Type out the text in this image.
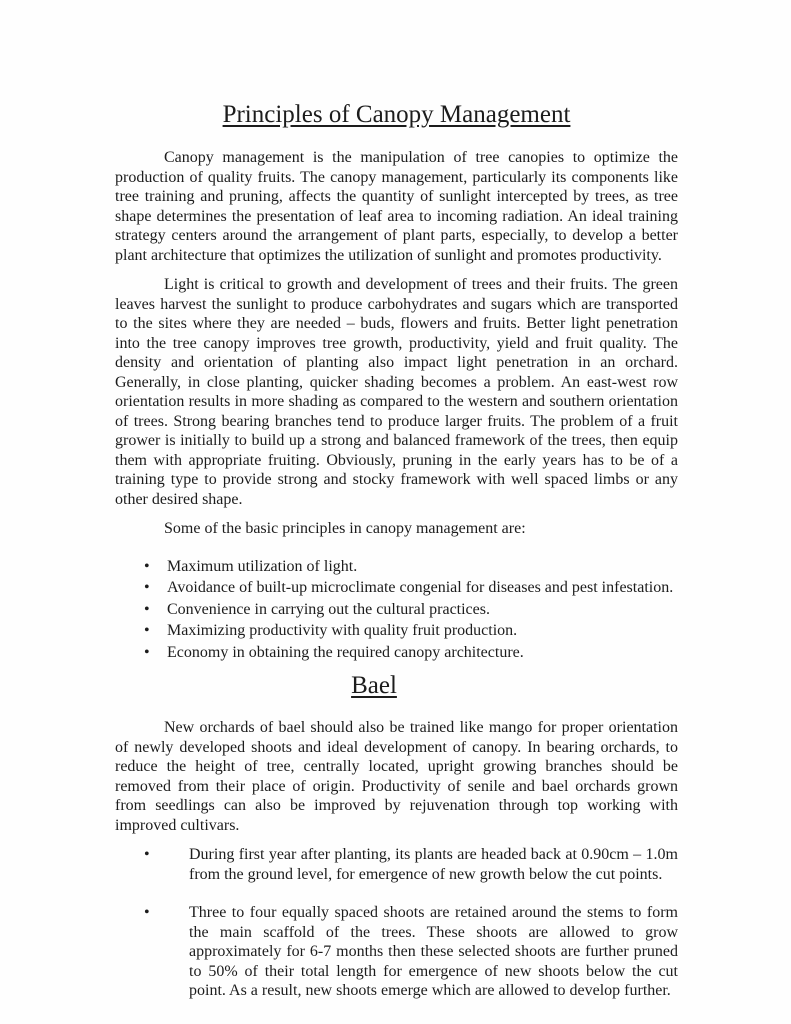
Principles of Canopy Management

Canopy management is the manipulation of tree canopies to optimize the production of quality fruits. The canopy management, particularly its components like tree training and pruning, affects the quantity of sunlight intercepted by trees, as tree shape determines the presentation of leaf area to incoming radiation. An ideal training strategy centers around the arrangement of plant parts, especially, to develop a better plant architecture that optimizes the utilization of sunlight and promotes productivity.

Light is critical to growth and development of trees and their fruits. The green leaves harvest the sunlight to produce carbohydrates and sugars which are transported to the sites where they are needed – buds, flowers and fruits. Better light penetration into the tree canopy improves tree growth, productivity, yield and fruit quality. The density and orientation of planting also impact light penetration in an orchard. Generally, in close planting, quicker shading becomes a problem. An east-west row orientation results in more shading as compared to the western and southern orientation of trees. Strong bearing branches tend to produce larger fruits. The problem of a fruit grower is initially to build up a strong and balanced framework of the trees, then equip them with appropriate fruiting. Obviously, pruning in the early years has to be of a training type to provide strong and stocky framework with well spaced limbs or any other desired shape.

Some of the basic principles in canopy management are:

• Maximum utilization of light.
• Avoidance of built-up microclimate congenial for diseases and pest infestation.
• Convenience in carrying out the cultural practices.
• Maximizing productivity with quality fruit production.
• Economy in obtaining the required canopy architecture.
Bael

New orchards of bael should also be trained like mango for proper orientation of newly developed shoots and ideal development of canopy. In bearing orchards, to reduce the height of tree, centrally located, upright growing branches should be removed from their place of origin. Productivity of senile and bael orchards grown from seedlings can also be improved by rejuvenation through top working with improved cultivars.

• During first year after planting, its plants are headed back at 0.90cm – 1.0m from the ground level, for emergence of new growth below the cut points.
• Three to four equally spaced shoots are retained around the stems to form the main scaffold of the trees. These shoots are allowed to grow approximately for 6-7 months then these selected shoots are further pruned to 50% of their total length for emergence of new shoots below the cut point. As a result, new shoots emerge which are allowed to develop further.
